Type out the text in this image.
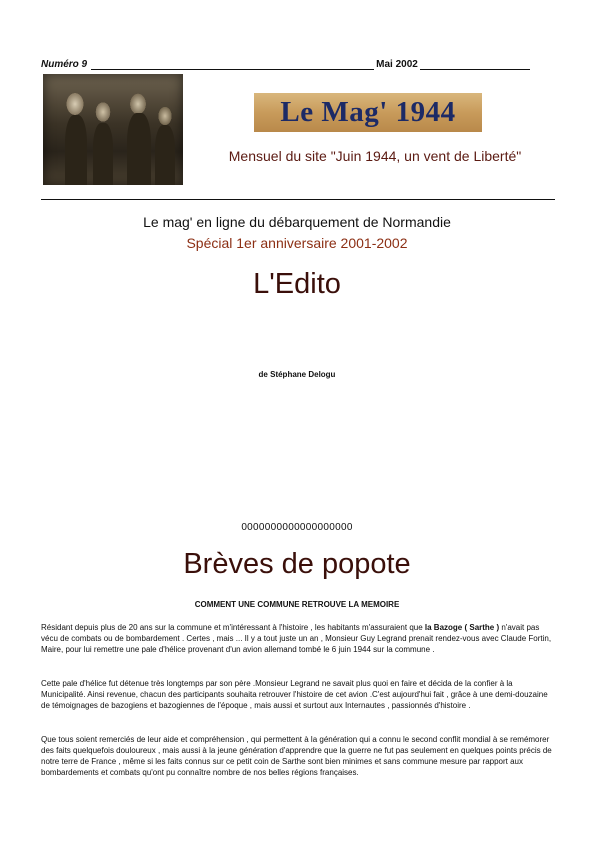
Numéro 9	Mai 2002
Le Mag' 1944
Mensuel du site "Juin 1944, un vent de Liberté"
Le mag' en ligne du débarquement de Normandie
Spécial 1er anniversaire 2001-2002
L'Edito
de Stéphane Delogu
0000000000000000000
Brèves de popote
COMMENT UNE COMMUNE RETROUVE LA MEMOIRE
Résidant depuis plus de 20 ans sur la commune et m'intéressant à l'histoire , les habitants m'assuraient que la Bazoge ( Sarthe ) n'avait pas vécu de combats ou de bombardement . Certes , mais ... Il y a tout juste un an , Monsieur Guy Legrand prenait rendez-vous avec Claude Fortin, Maire, pour lui remettre une pale d'hélice provenant d'un avion allemand tombé le 6 juin 1944 sur la commune .
Cette pale d'hélice fut détenue très longtemps par son père .Monsieur Legrand ne savait plus quoi en faire et décida de la confier à la Municipalité. Ainsi revenue, chacun des participants souhaita retrouver l'histoire de cet avion .C'est aujourd'hui fait , grâce à une demi-douzaine de témoignages de bazogiens et bazogiennes de l'époque , mais aussi et surtout aux Internautes , passionnés d'histoire .
Que tous soient remerciés de leur aide et compréhension , qui permettent à la génération qui a connu le second conflit mondial à se remémorer des faits quelquefois douloureux , mais aussi à la jeune génération d'apprendre que la guerre ne fut pas seulement en quelques points précis de notre terre de France , même si les faits connus sur ce petit coin de Sarthe sont bien minimes et sans commune mesure par rapport aux bombardements et combats qu'ont pu connaître nombre de nos belles régions françaises.
